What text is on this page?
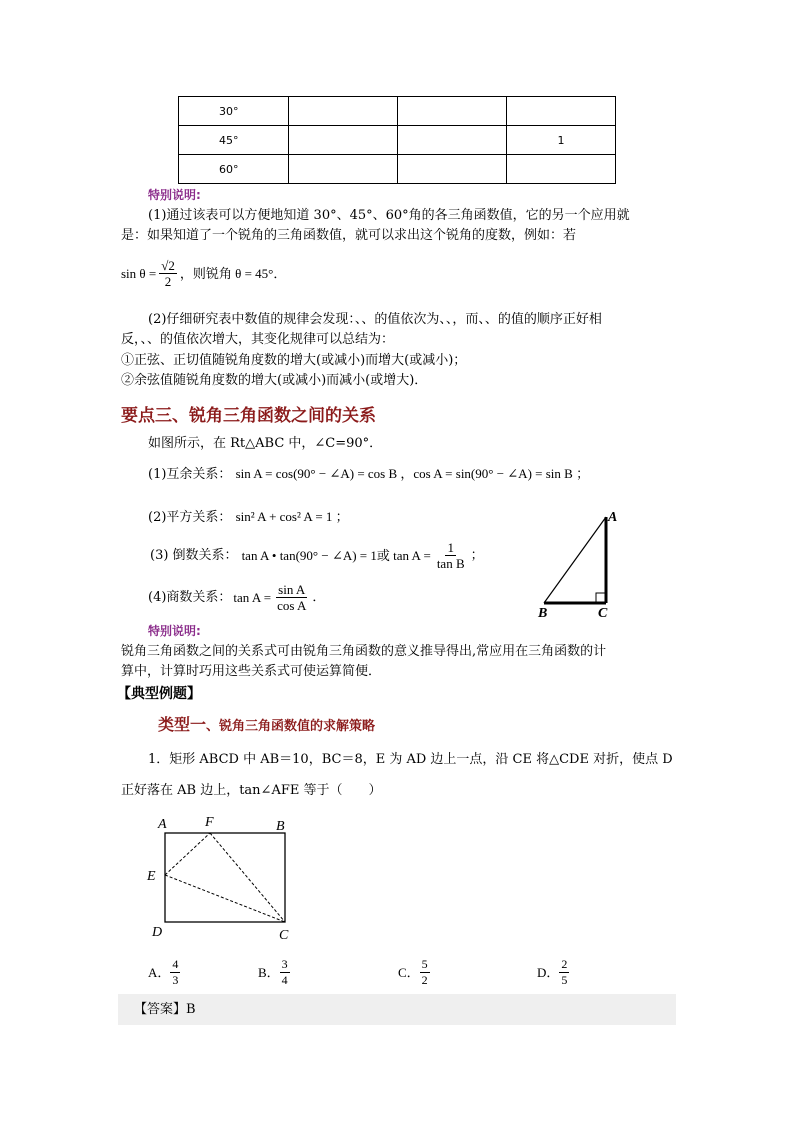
30°			
45°			1
60°			
特别说明:
(1)通过该表可以方便地知道 30°、45°、60°角的各三角函数值，它的另一个应用就
是：如果知道了一个锐角的三角函数值，就可以求出这个锐角的度数，例如：若
$\sin \theta = \frac{√2}{2}$ ，则锐角 θ = 45°．
(2)仔细研究表中数值的规律会发现：、、的值依次为、、，而、、的值的顺序正好相
反，、、的值依次增大，其变化规律可以总结为：
①正弦、正切值随锐角度数的增大(或减小)而增大(或减小)；
②余弦值随锐角度数的增大(或减小)而减小(或增大)．
要点三、锐角三角函数之间的关系
如图所示，在 Rt△ABC 中，∠C=90°．
(1)互余关系： sin A = cos(90° − ∠A) = cos B ，cos A = sin(90° − ∠A) = sin B ；
(2)平方关系： sin² A + cos² A = 1 ；
(3) 倒数关系： tan A • tan(90° − ∠A) = 1或 $\tan A = \frac{1}{\text{tan B}}$ ；
(4)商数关系： $\tan A = \frac{\text{sin A}}{\text{cos A}}$ ．
A
B	C
特别说明:
锐角三角函数之间的关系式可由锐角三角函数的意义推导得出,常应用在三角函数的计
算中，计算时巧用这些关系式可使运算简便．
【典型例题】
类型一、锐角三角函数值的求解策略
1．矩形 ABCD 中 AB＝10，BC＝8，E 为 AD 边上一点，沿 CE 将△CDE 对折，使点 D
正好落在 AB 边上，tan∠AFE 等于（　　）
A	F	B
E
D	C
A． $\frac{4}{3}$	B． $\frac{3}{4}$	C． $\frac{5}{2}$	D． $\frac{2}{5}$
【答案】B
